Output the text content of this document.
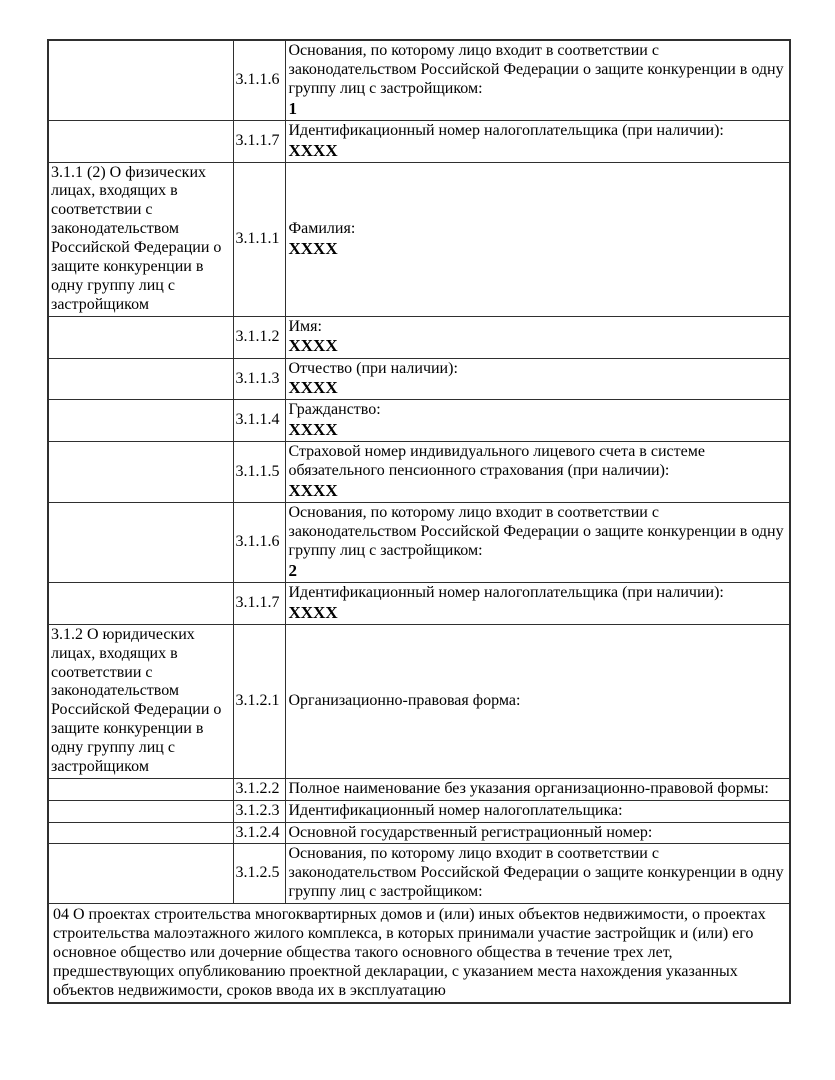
	3.1.1.6	Основания, по которому лицо входит в соответствии с законодательством Российской Федерации о защите конкуренции в одну группу лиц с застройщиком:
1

	3.1.1.7	Идентификационный номер налогоплательщика (при наличии):
XXXX

3.1.1 (2) О физических лицах, входящих в соответствии с законодательством Российской Федерации о защите конкуренции в одну группу лиц с застройщиком	3.1.1.1	Фамилия:
XXXX

	3.1.1.2	Имя:
XXXX

	3.1.1.3	Отчество (при наличии):
XXXX

	3.1.1.4	Гражданство:
XXXX

	3.1.1.5	Страховой номер индивидуального лицевого счета в системе обязательного пенсионного страхования (при наличии):
XXXX

	3.1.1.6	Основания, по которому лицо входит в соответствии с законодательством Российской Федерации о защите конкуренции в одну группу лиц с застройщиком:
2

	3.1.1.7	Идентификационный номер налогоплательщика (при наличии):
XXXX

3.1.2 О юридических лицах, входящих в соответствии с законодательством Российской Федерации о защите конкуренции в одну группу лиц с застройщиком	3.1.2.1	Организационно-правовая форма:

	3.1.2.2	Полное наименование без указания организационно-правовой формы:

	3.1.2.3	Идентификационный номер налогоплательщика:

	3.1.2.4	Основной государственный регистрационный номер:

	3.1.2.5	Основания, по которому лицо входит в соответствии с законодательством Российской Федерации о защите конкуренции в одну группу лиц с застройщиком:

04 О проектах строительства многоквартирных домов и (или) иных объектов недвижимости, о проектах строительства малоэтажного жилого комплекса, в которых принимали участие застройщик и (или) его основное общество или дочерние общества такого основного общества в течение трех лет, предшествующих опубликованию проектной декларации, с указанием места нахождения указанных объектов недвижимости, сроков ввода их в эксплуатацию		
